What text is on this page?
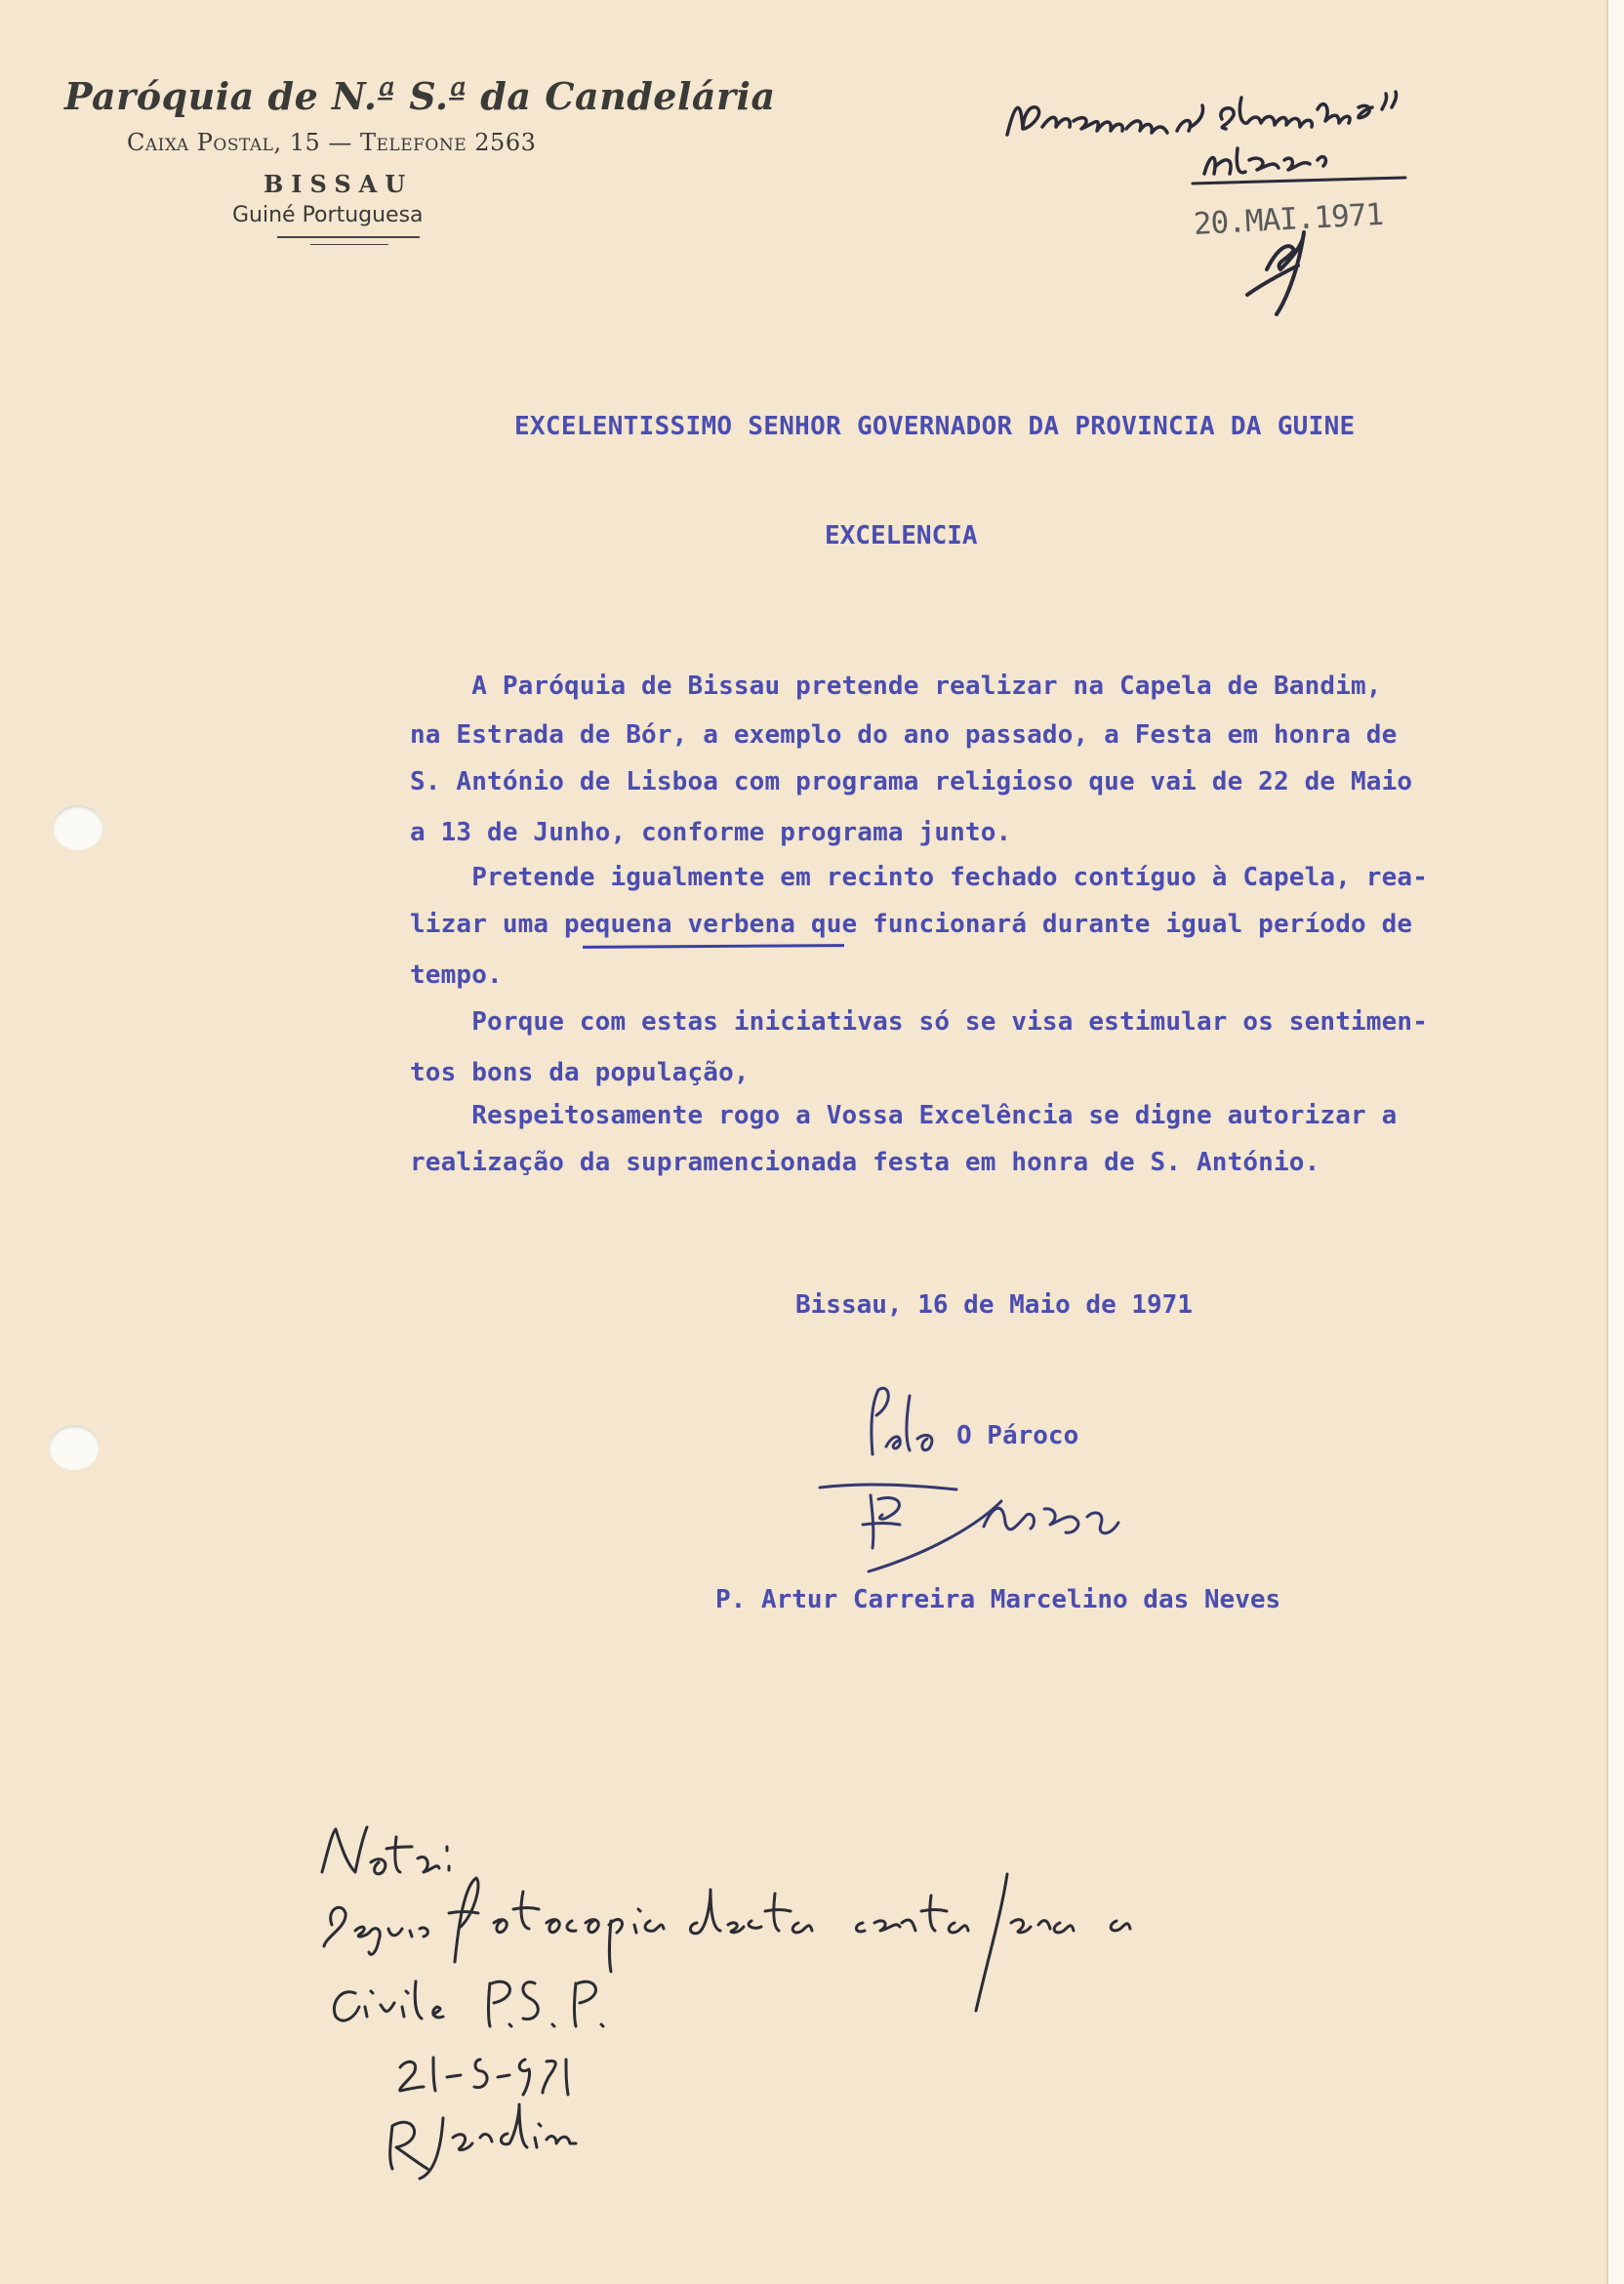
Paróquia de N.ª S.ª da Candelária
Caixa Postal, 15 — Telefone 2563
BISSAU
Guiné Portuguesa	20.MAI.1971
EXCELENTISSIMO SENHOR GOVERNADOR DA PROVINCIA DA GUINE
EXCELENCIA
A Paróquia de Bissau pretende realizar na Capela de Bandim,
na Estrada de Bór, a exemplo do ano passado, a Festa em honra de
S. António de Lisboa com programa religioso que vai de 22 de Maio
a 13 de Junho, conforme programa junto.
Pretende igualmente em recinto fechado contíguo à Capela, rea-
lizar uma pequena verbena que funcionará durante igual período de
tempo.
Porque com estas iniciativas só se visa estimular os sentimen-
tos bons da população,
Respeitosamente rogo a Vossa Excelência se digne autorizar a
realização da supramencionada festa em honra de S. António.
Bissau, 16 de Maio de 1971
O Pároco
P. Artur Carreira Marcelino das Neves
